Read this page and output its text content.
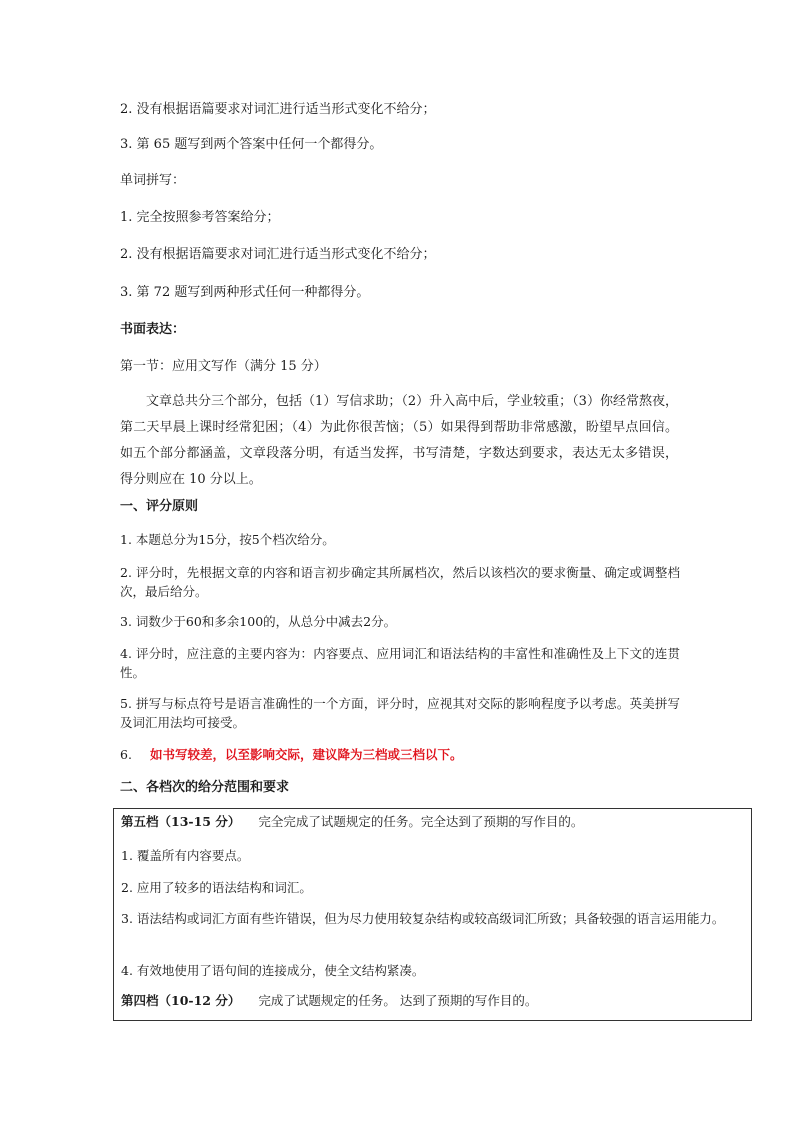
2. 没有根据语篇要求对词汇进行适当形式变化不给分；
3. 第 65 题写到两个答案中任何一个都得分。
单词拼写：
1. 完全按照参考答案给分；
2. 没有根据语篇要求对词汇进行适当形式变化不给分；
3. 第 72 题写到两种形式任何一种都得分。
书面表达：
第一节：应用文写作（满分 15 分）
文章总共分三个部分，包括（1）写信求助；（2）升入高中后，学业较重；（3）你经常熬夜，第二天早晨上课时经常犯困；（4）为此你很苦恼；（5）如果得到帮助非常感激，盼望早点回信。如五个部分都涵盖，文章段落分明，有适当发挥，书写清楚，字数达到要求，表达无太多错误，得分则应在 10 分以上。
一、评分原则
1. 本题总分为15分，按5个档次给分。
2. 评分时，先根据文章的内容和语言初步确定其所属档次，然后以该档次的要求衡量、确定或调整档次，最后给分。
3. 词数少于60和多余100的，从总分中减去2分。
4. 评分时，应注意的主要内容为：内容要点、应用词汇和语法结构的丰富性和准确性及上下文的连贯性。
5. 拼写与标点符号是语言准确性的一个方面，评分时，应视其对交际的影响程度予以考虑。英美拼写及词汇用法均可接受。
6. 如书写较差，以至影响交际，建议降为三档或三档以下。
二、各档次的给分范围和要求
第五档（13-15 分） 完全完成了试题规定的任务。完全达到了预期的写作目的。
1. 覆盖所有内容要点。
2. 应用了较多的语法结构和词汇。
3. 语法结构或词汇方面有些许错误，但为尽力使用较复杂结构或较高级词汇所致；具备较强的语言运用能力。
4. 有效地使用了语句间的连接成分，使全文结构紧凑。
第四档（10-12 分） 完成了试题规定的任务。 达到了预期的写作目的。
